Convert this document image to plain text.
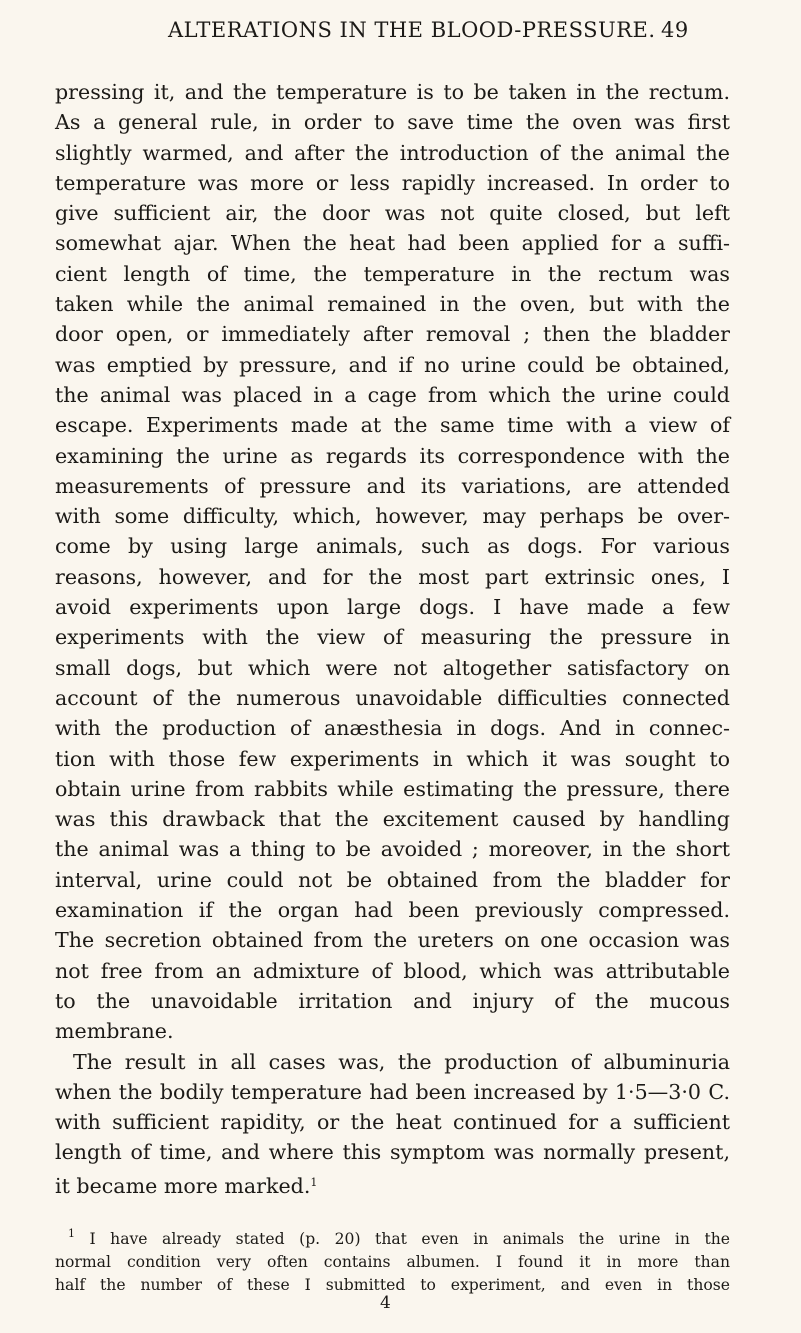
ALTERATIONS IN THE BLOOD-PRESSURE. 49
pressing it, and the temperature is to be taken in the rectum.
As a general rule, in order to save time the oven was first
slightly warmed, and after the introduction of the animal the
temperature was more or less rapidly increased. In order to
give sufficient air, the door was not quite closed, but left
somewhat ajar. When the heat had been applied for a suffi-
cient length of time, the temperature in the rectum was
taken while the animal remained in the oven, but with the
door open, or immediately after removal ; then the bladder
was emptied by pressure, and if no urine could be obtained,
the animal was placed in a cage from which the urine could
escape. Experiments made at the same time with a view of
examining the urine as regards its correspondence with the
measurements of pressure and its variations, are attended
with some difficulty, which, however, may perhaps be over-
come by using large animals, such as dogs. For various
reasons, however, and for the most part extrinsic ones, I
avoid experiments upon large dogs. I have made a few
experiments with the view of measuring the pressure in
small dogs, but which were not altogether satisfactory on
account of the numerous unavoidable difficulties connected
with the production of anæsthesia in dogs. And in connec-
tion with those few experiments in which it was sought to
obtain urine from rabbits while estimating the pressure, there
was this drawback that the excitement caused by handling
the animal was a thing to be avoided ; moreover, in the short
interval, urine could not be obtained from the bladder for
examination if the organ had been previously compressed.
The secretion obtained from the ureters on one occasion was
not free from an admixture of blood, which was attributable
to the unavoidable irritation and injury of the mucous
membrane.
The result in all cases was, the production of albuminuria
when the bodily temperature had been increased by 1·5—3·0 C.
with sufficient rapidity, or the heat continued for a sufficient
length of time, and where this symptom was normally present,
it became more marked.$^1$
$^1$ I have already stated (p. 20) that even in animals the urine in the
normal condition very often contains albumen. I found it in more than
half the number of these I submitted to experiment, and even in those
4
